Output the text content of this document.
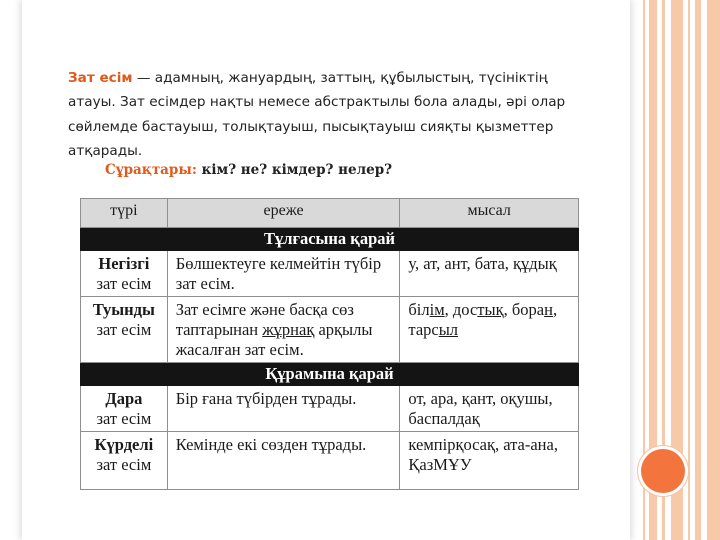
Зат есім — адамның, жануардың, заттың, құбылыстың, түсініктің атауы. Зат есімдер нақты немесе абстрактылы бола алады, әрі олар сөйлемде бастауыш, толықтауыш, пысықтауыш сияқты қызметтер атқарады.

Сұрақтары: кім? не? кімдер? нелер?
түрі	ереже	мысал
Тұлғасына қарай		

Негізгі
зат есім	Бөлшектеуге келмейтін түбір зат есім.	у, ат, ант, бата, құдық

Туынды
зат есім	Зат есімге және басқа сөз таптарынан жұрнақ арқылы жасалған зат есім.	білім, достық, боран, тарсыл
Құрамына қарай		

Дара
зат есім	Бір ғана түбірден тұрады.	от, ара, қант, оқушы, баспалдақ

Күрделі
зат есім	Кемінде екі сөзден тұрады.	кемпірқосақ, ата-ана, ҚазМҰУ
